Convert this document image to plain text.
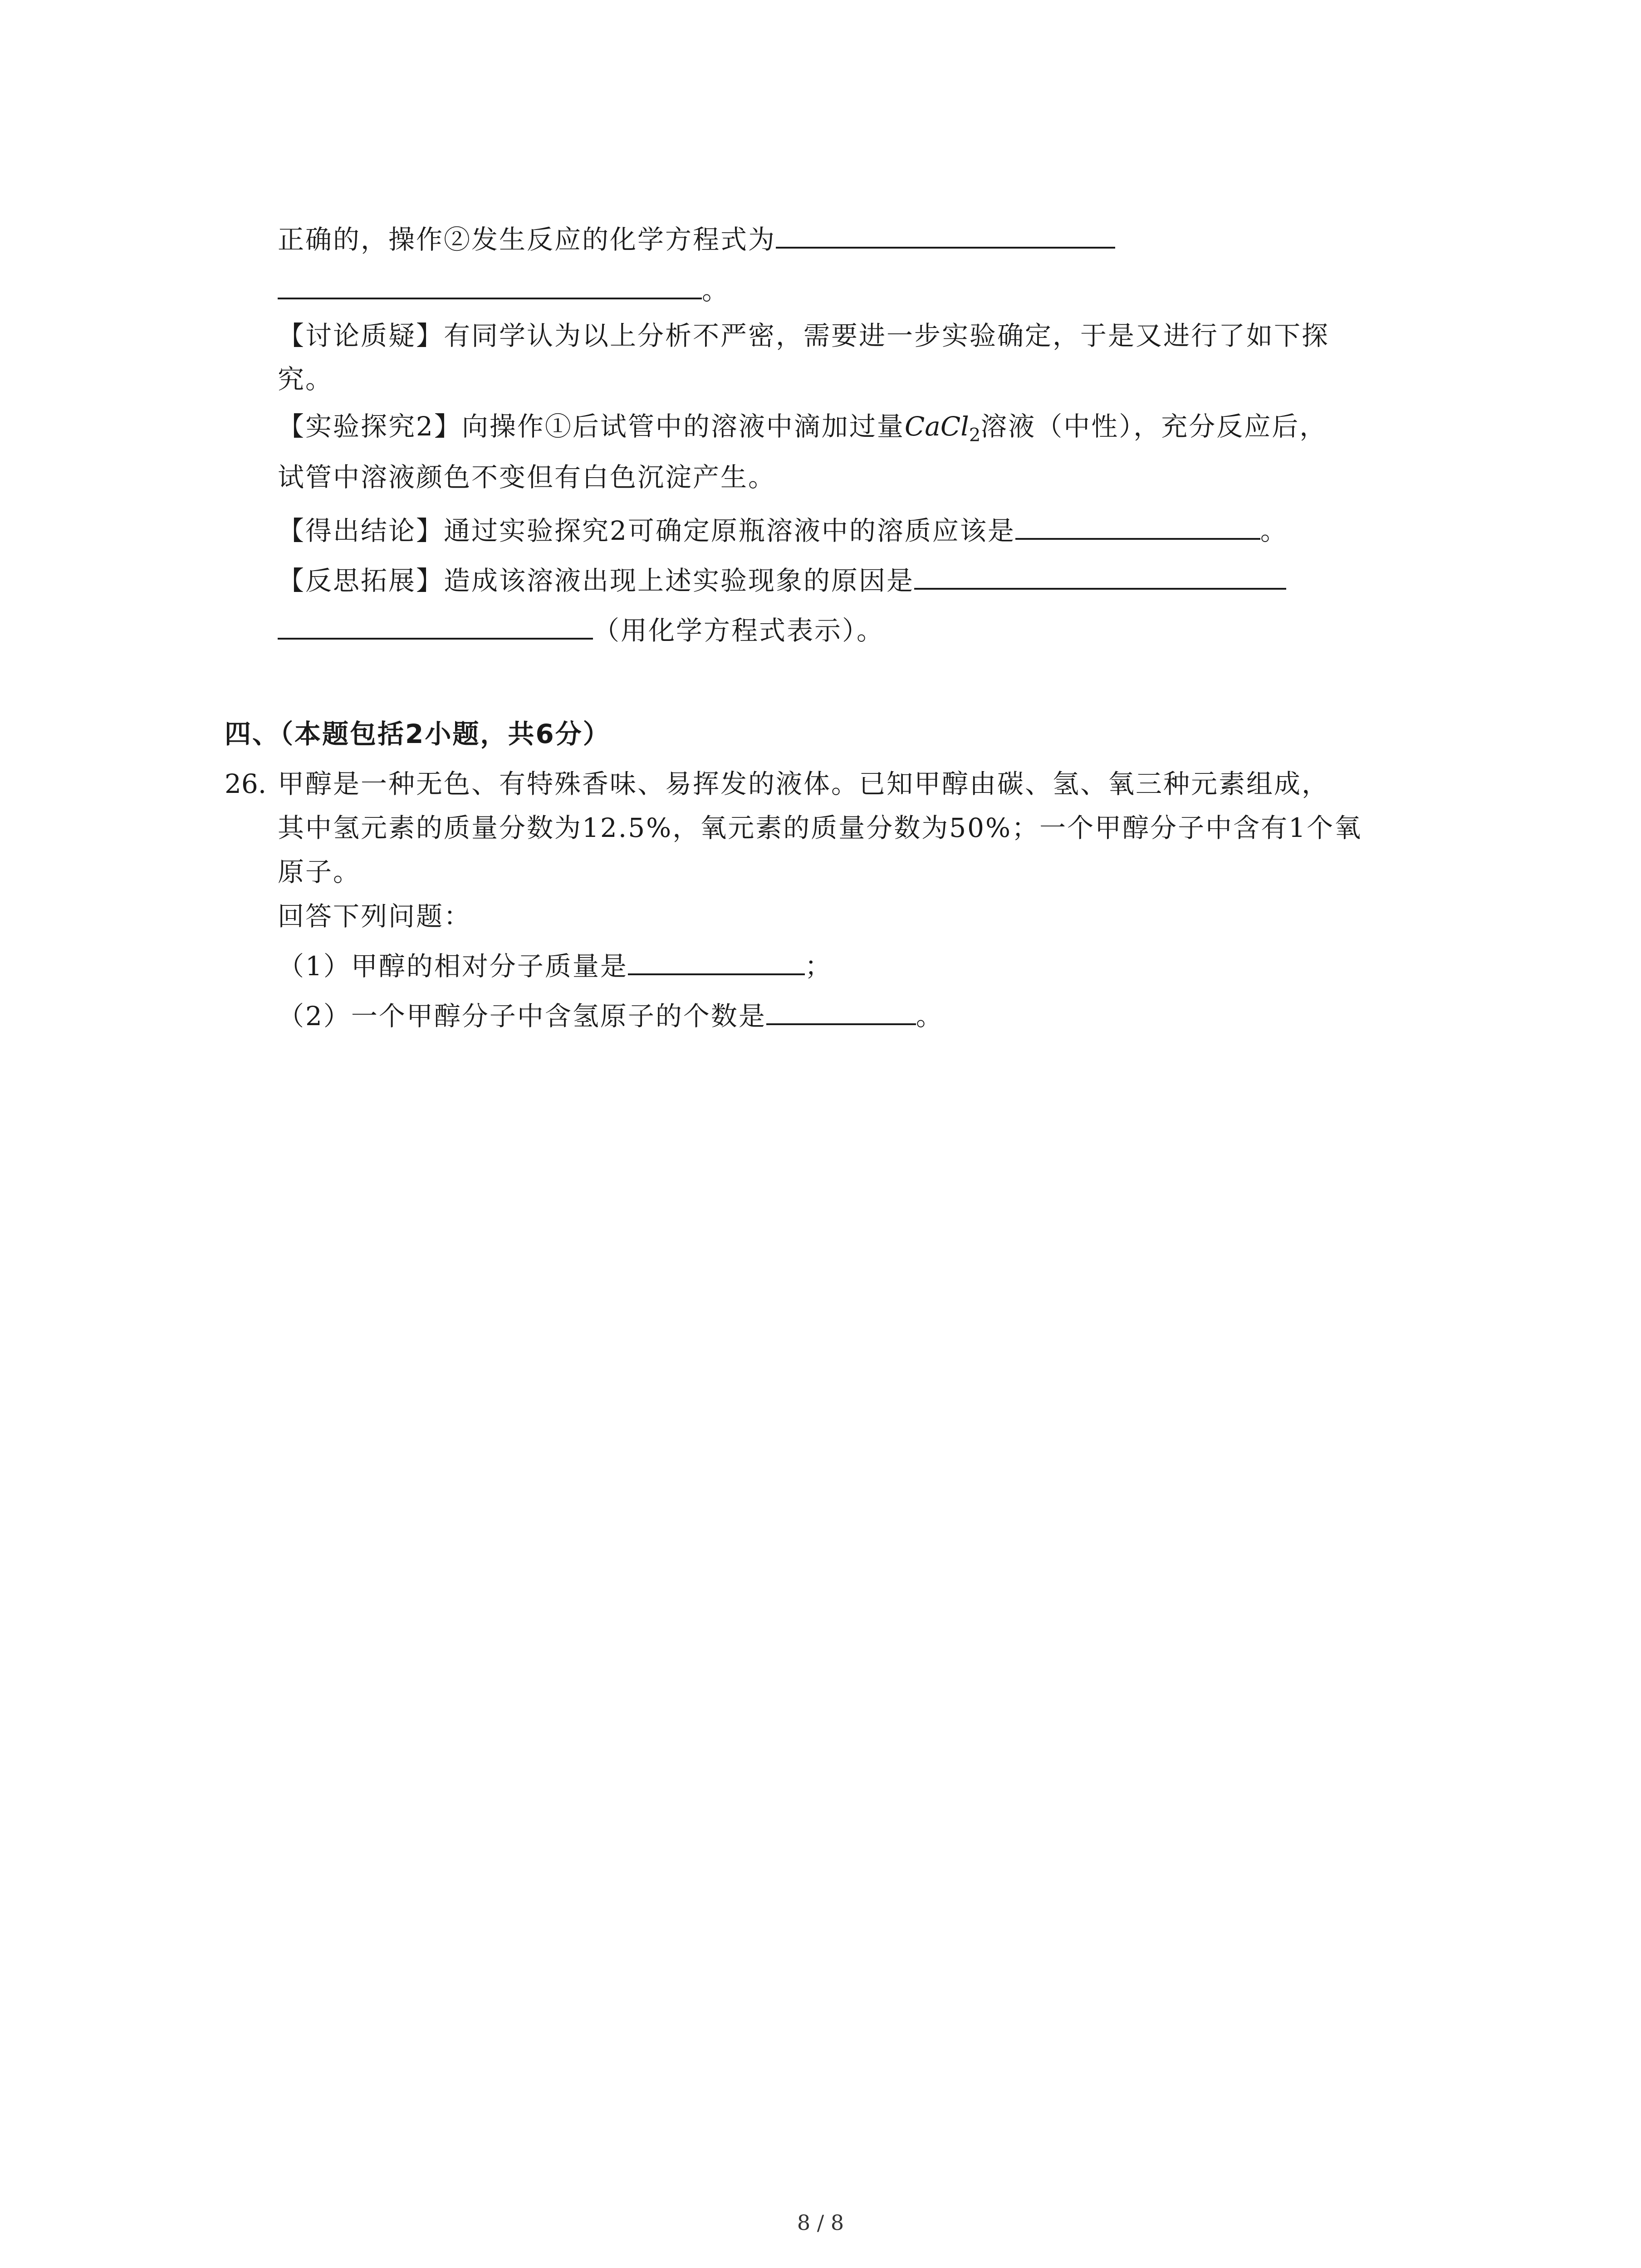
正确的，操作②发生反应的化学方程式为
。
【讨论质疑】有同学认为以上分析不严密，需要进一步实验确定，于是又进行了如下探
究。
【实验探究2】向操作①后试管中的溶液中滴加过量CaCl$_2$溶液（中性），充分反应后，
试管中溶液颜色不变但有白色沉淀产生。
【得出结论】通过实验探究2可确定原瓶溶液中的溶质应该是	。
【反思拓展】造成该溶液出现上述实验现象的原因是
（用化学方程式表示）。
四、（本题包括2小题，共6分）
26. 甲醇是一种无色、有特殊香味、易挥发的液体。已知甲醇由碳、氢、氧三种元素组成，
其中氢元素的质量分数为12.5%，氧元素的质量分数为50%；一个甲醇分子中含有1个氧
原子。
回答下列问题：
（1）甲醇的相对分子质量是	；
（2）一个甲醇分子中含氢原子的个数是	。
8 / 8
